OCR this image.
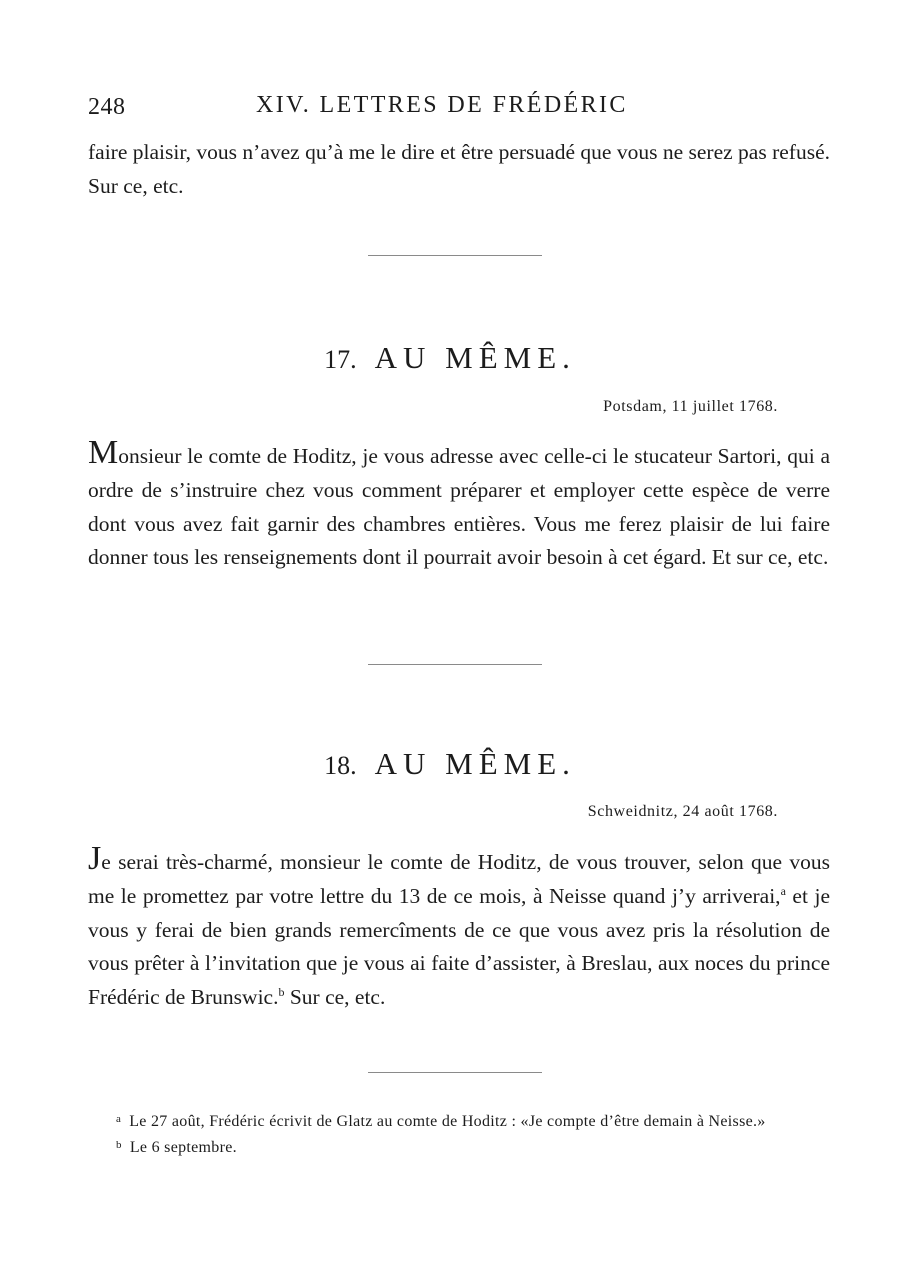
248	XIV. LETTRES DE FRÉDÉRIC

faire plaisir, vous n’avez qu’à me le dire et être persuadé que vous ne serez pas refusé. Sur ce, etc.

17. AU MÊME.
Potsdam, 11 juillet 1768.

Monsieur le comte de Hoditz, je vous adresse avec celle-ci le stucateur Sartori, qui a ordre de s’instruire chez vous comment préparer et employer cette espèce de verre dont vous avez fait garnir des chambres entières. Vous me ferez plaisir de lui faire donner tous les renseignements dont il pourrait avoir besoin à cet égard. Et sur ce, etc.

18. AU MÊME.
Schweidnitz, 24 août 1768.

Je serai très-charmé, monsieur le comte de Hoditz, de vous trouver, selon que vous me le promettez par votre lettre du 13 de ce mois, à Neisse quand j’y arriverai,$^a$ et je vous y ferai de bien grands remercîments de ce que vous avez pris la résolution de vous prêter à l’invitation que je vous ai faite d’assister, à Breslau, aux noces du prince Frédéric de Brunswic.$^b$ Sur ce, etc.

$^a$ Le 27 août, Frédéric écrivit de Glatz au comte de Hoditz : «Je compte d’être demain à Neisse.»

$^b$ Le 6 septembre.
